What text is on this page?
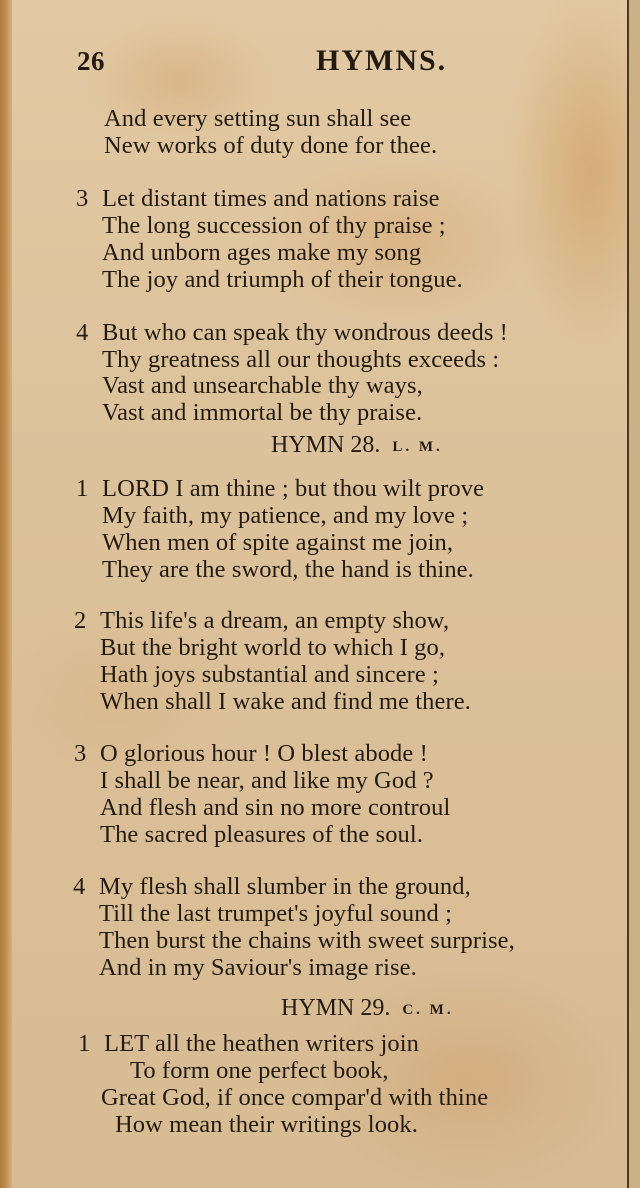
26	HYMNS.
And every setting sun shall see
New works of duty done for thee.
3 Let distant times and nations raise
The long succession of thy praise ;
And unborn ages make my song
The joy and triumph of their tongue.
4 But who can speak thy wondrous deeds !
Thy greatness all our thoughts exceeds :
Vast and unsearchable thy ways,
Vast and immortal be thy praise.
HYMN 28. L. M.
1 LORD I am thine ; but thou wilt prove
My faith, my patience, and my love ;
When men of spite against me join,
They are the sword, the hand is thine.
2 This life's a dream, an empty show,
But the bright world to which I go,
Hath joys substantial and sincere ;
When shall I wake and find me there.
3 O glorious hour ! O blest abode !
I shall be near, and like my God ?
And flesh and sin no more controul
The sacred pleasures of the soul.
4 My flesh shall slumber in the ground,
Till the last trumpet's joyful sound ;
Then burst the chains with sweet surprise,
And in my Saviour's image rise.
HYMN 29. C. M.
1 LET all the heathen writers join
To form one perfect book,
Great God, if once compar'd with thine
How mean their writings look.
